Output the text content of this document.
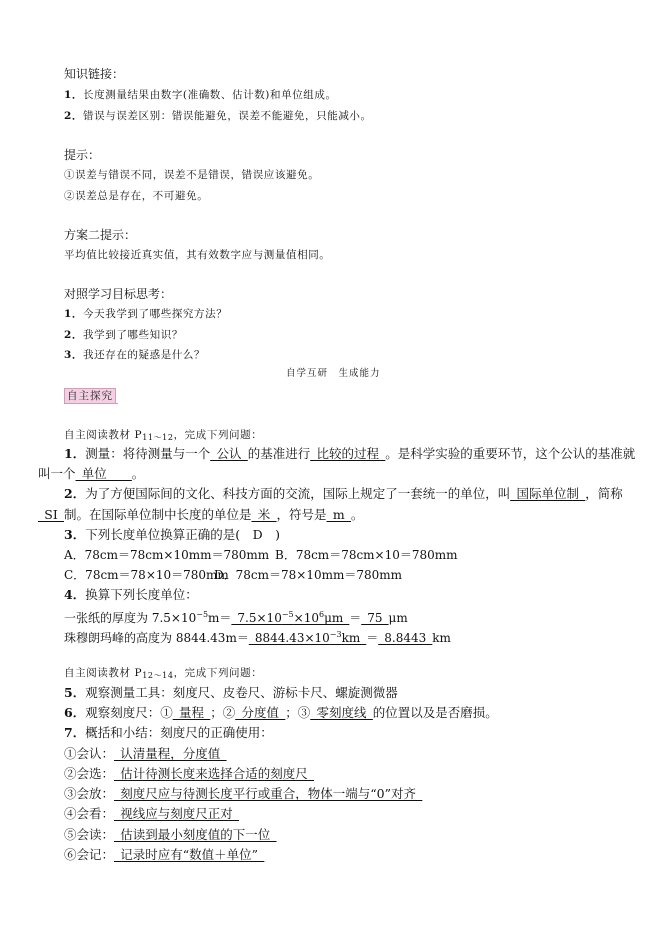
知识链接：
1．长度测量结果由数字(准确数、估计数)和单位组成。
2．错误与误差区别：错误能避免，误差不能避免，只能减小。
提示：
①误差与错误不同，误差不是错误，错误应该避免。
②误差总是存在，不可避免。
方案二提示：
平均值比较接近真实值，其有效数字应与测量值相同。
对照学习目标思考：
1．今天我学到了哪些探究方法？
2．我学到了哪些知识？
3．我还存在的疑惑是什么？
自学互研　生成能力
自主探究
自主阅读教材 $P_{11\sim 12}$，完成下列问题：
1．测量：将待测量与一个_公认_的基准进行_比较的过程_。是科学实验的重要环节，这个公认的基准就
叫一个_单位____。
2．为了方便国际间的文化、科技方面的交流，国际上规定了一套统一的单位，叫_国际单位制_，简称
_SI_制。在国际单位制中长度的单位是_米_，符号是_m_。
3．下列长度单位换算正确的是(　D　)
A．78cm＝78cm×10mm＝780mm B．78cm＝78cm×10＝780mm
C．78cm＝78×10＝780mm
D．78cm＝78×10mm＝780mm
4．换算下列长度单位：
一张纸的厚度为 $7.5\times 10^{-5}m=\_7.5\times 10^{-5}\times 10^6\mu m\_=\_75\_\mu m$
珠穆朗玛峰的高度为 $8844.43m=\_8844.43\times 10^{-3}km\_=\_8.8443\_km$
自主阅读教材 $P_{12\sim 14}$，完成下列问题：
5．观察测量工具：刻度尺、皮卷尺、游标卡尺、螺旋测微器
6．观察刻度尺：①_量程_；②_分度值_；③_零刻度线_的位置以及是否磨损。
7．概括和小结：刻度尺的正确使用：
①会认：_认清量程，分度值_
②会选：_估计待测长度来选择合适的刻度尺_
③会放：_刻度尺应与待测长度平行或重合，物体一端与“0”对齐_
④会看：_视线应与刻度尺正对_
⑤会读：_估读到最小刻度值的下一位_
⑥会记：_记录时应有“数值＋单位”_
